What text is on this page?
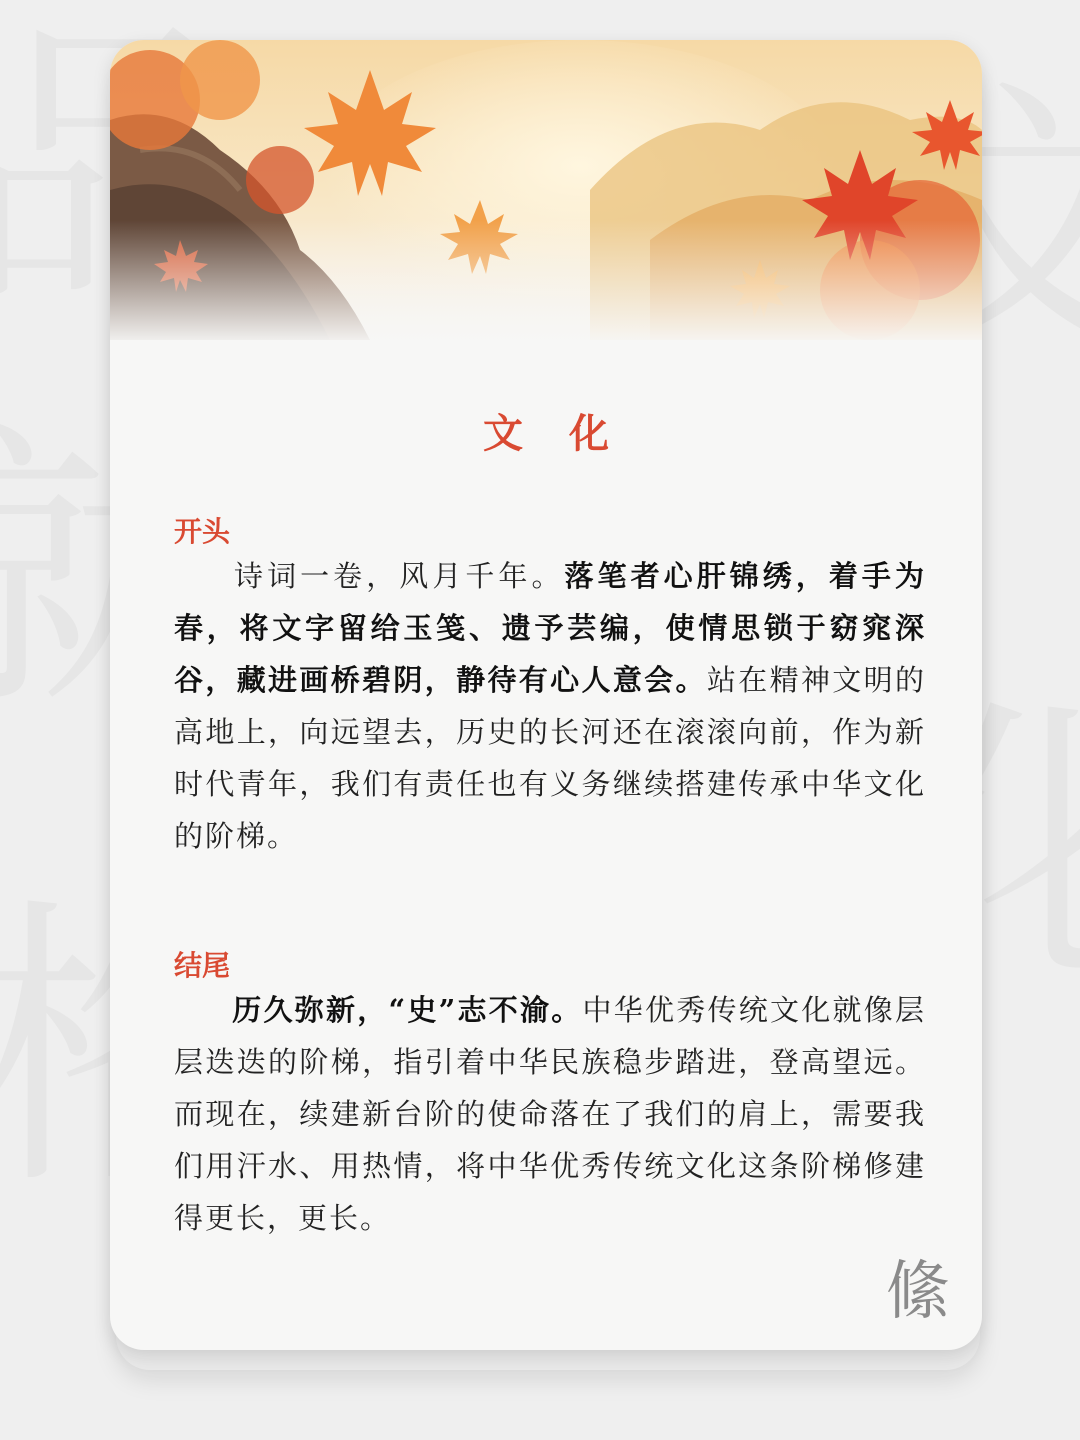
文 化
开头
诗词一卷，风月千年。落笔者心肝锦绣，着手为春，将文字留给玉笺、遗予芸编，使情思锁于窈窕深谷，藏进画桥碧阴，静待有心人意会。站在精神文明的高地上，向远望去，历史的长河还在滚滚向前，作为新时代青年，我们有责任也有义务继续搭建传承中华文化的阶梯。
结尾
历久弥新，“史”志不渝。中华优秀传统文化就像层层迭迭的阶梯，指引着中华民族稳步踏进，登高望远。而现在，续建新台阶的使命落在了我们的肩上，需要我们用汗水、用热情，将中华优秀传统文化这条阶梯修建得更长，更长。
絛
